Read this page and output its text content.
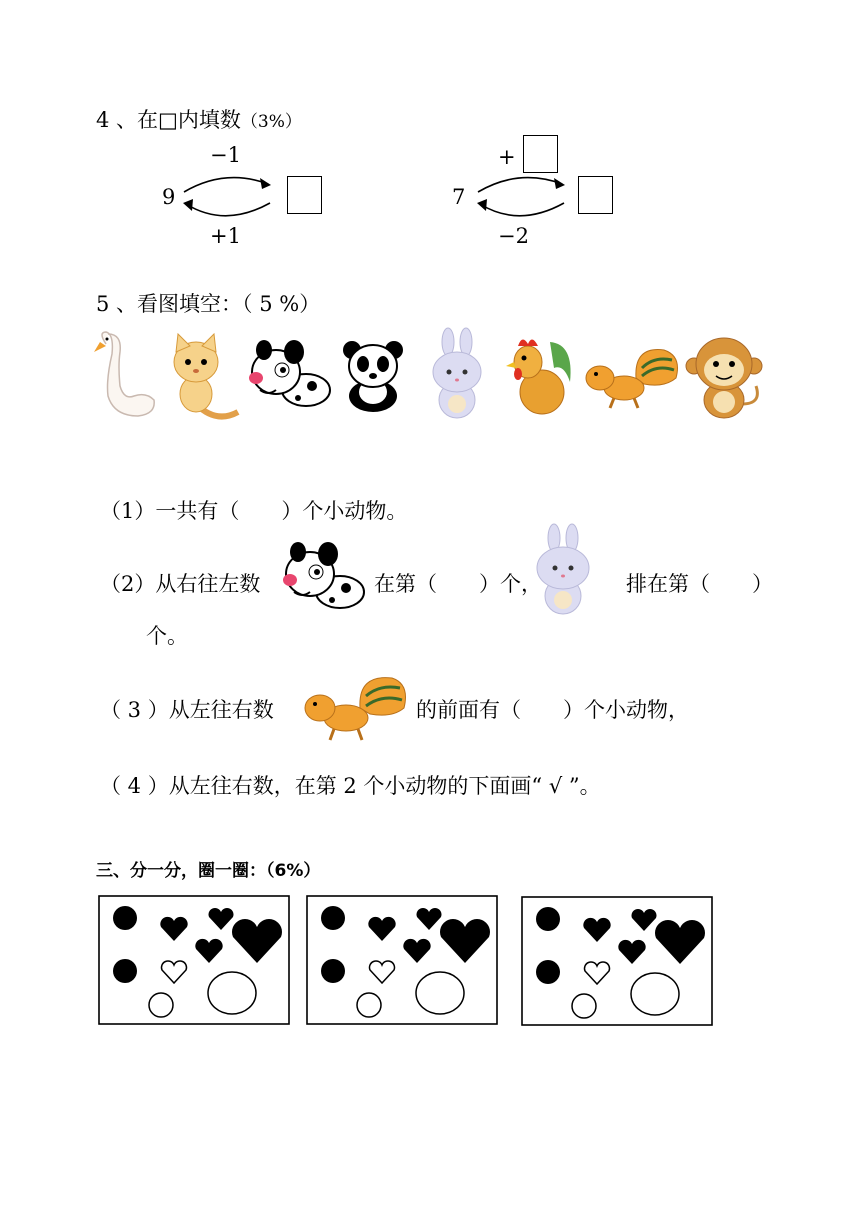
4 、在□内填数（3%）
−1
9
+1
+
7
−2
5 、看图填空：（ 5 %）
（1）一共有（　　）个小动物。
（2）从右往左数	在第（　　）个，	排在第（　　）
个。
（ 3 ）从左往右数	的前面有（　　）个小动物，
（ 4 ）从左往右数，在第 2 个小动物的下面画“ √ ”。
三、分一分，圈一圈：（6%）
